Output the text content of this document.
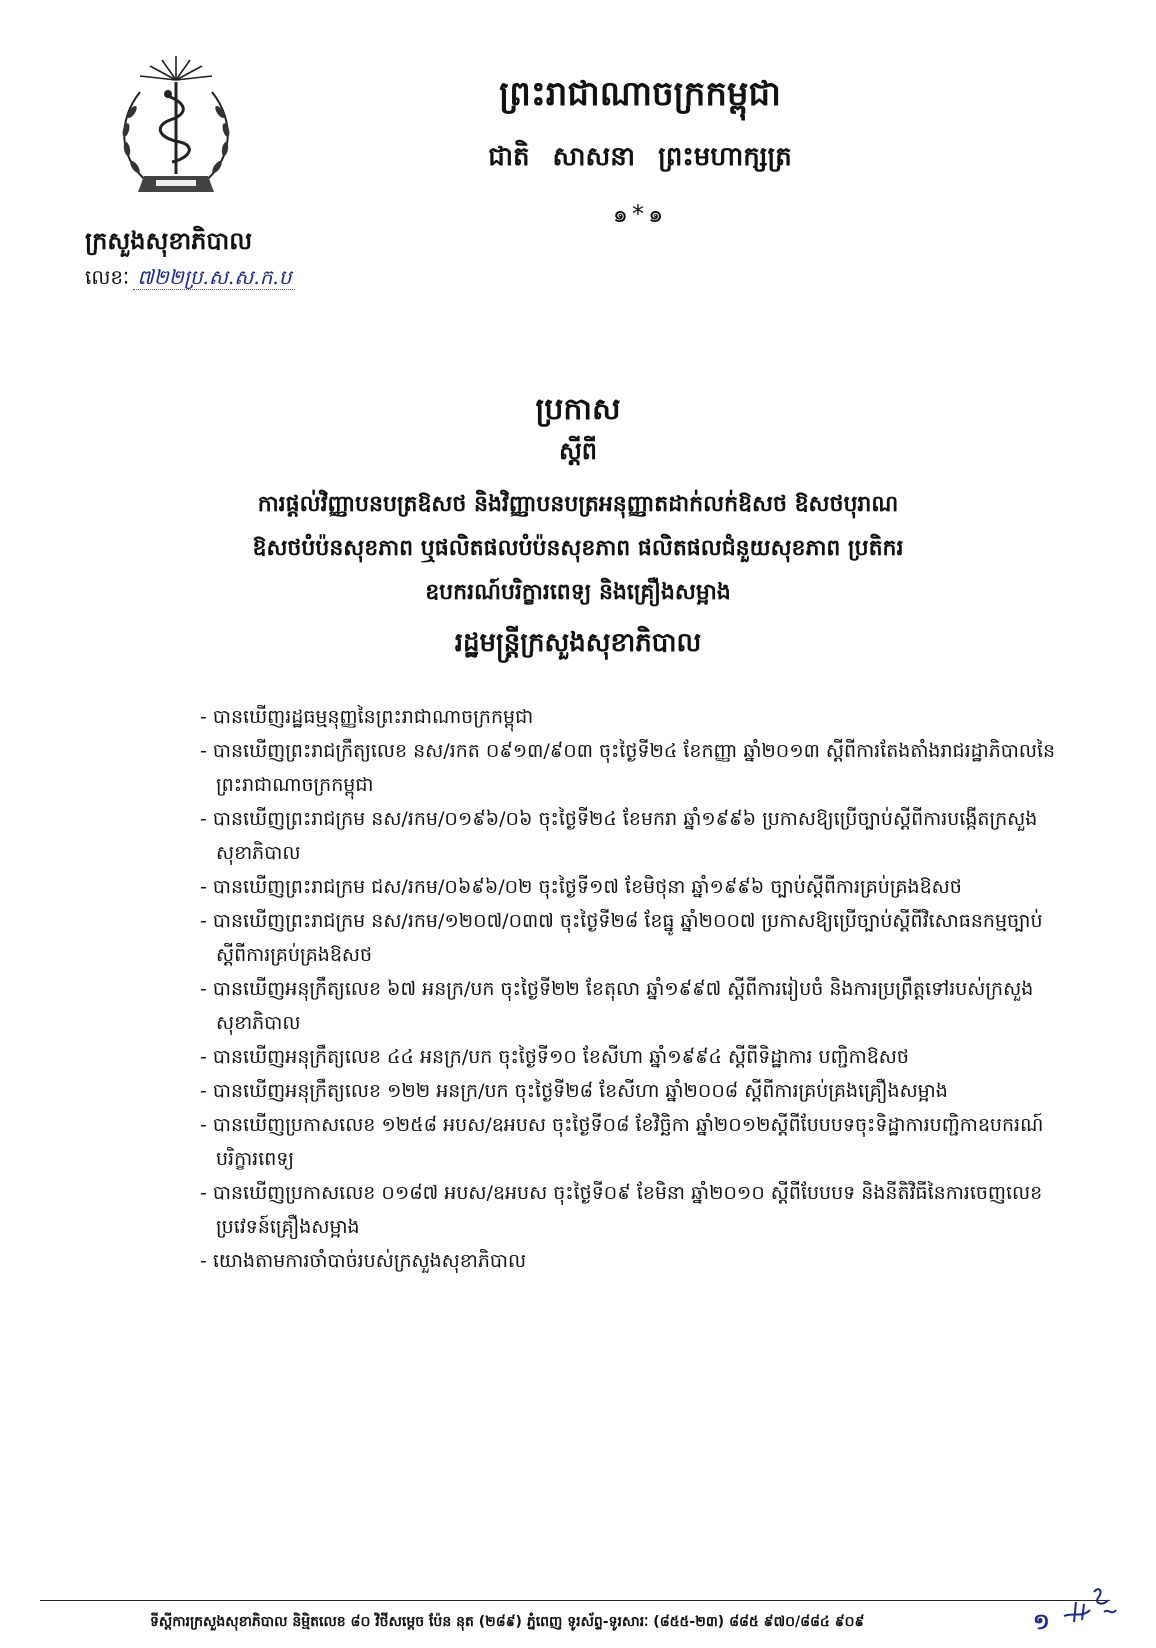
ក្រសួងសុខាភិបាល
លេខៈ ៧២២ប្រ.ស.ស.ក.ប
ព្រះរាជាណាចក្រកម្ពុជា
ជាតិ សាសនា ព្រះមហាក្សត្រ
๑*๑
ប្រកាស
ស្តីពី
ការផ្តល់វិញ្ញាបនបត្រឱសថ និងវិញ្ញាបនបត្រអនុញ្ញាតដាក់លក់ឱសថ ឱសថបុរាណ
ឱសថបំប៉នសុខភាព ឬផលិតផលបំប៉នសុខភាព ផលិតផលជំនួយសុខភាព ប្រតិករ
ឧបករណ៍បរិក្ខារពេទ្យ និងគ្រឿងសម្អាង
រដ្ឋមន្ត្រីក្រសួងសុខាភិបាល
- បានឃើញរដ្ឋធម្មនុញ្ញនៃព្រះរាជាណាចក្រកម្ពុជា
- បានឃើញព្រះរាជក្រឹត្យលេខ នស/រកត ០៩១៣/៩០៣ ចុះថ្ងៃទី២៤ ខែកញ្ញា ឆ្នាំ២០១៣ ស្តីពីការតែងតាំងរាជរដ្ឋាភិបាលនៃព្រះរាជាណាចក្រកម្ពុជា
- បានឃើញព្រះរាជក្រម នស/រកម/០១៩៦/០៦ ចុះថ្ងៃទី២៤ ខែមករា ឆ្នាំ១៩៩៦ ប្រកាសឱ្យប្រើច្បាប់ស្តីពីការបង្កើតក្រសួងសុខាភិបាល
- បានឃើញព្រះរាជក្រម ជស/រកម/០៦៩៦/០២ ចុះថ្ងៃទី១៧ ខែមិថុនា ឆ្នាំ១៩៩៦ ច្បាប់ស្តីពីការគ្រប់គ្រងឱសថ
- បានឃើញព្រះរាជក្រម នស/រកម/១២០៧/០៣៧ ចុះថ្ងៃទី២៨ ខែធ្នូ ឆ្នាំ២០០៧ ប្រកាសឱ្យប្រើច្បាប់ស្តីពីវិសោធនកម្មច្បាប់ស្តីពីការគ្រប់គ្រងឱសថ
- បានឃើញអនុក្រឹត្យលេខ ៦៧ អនក្រ/បក ចុះថ្ងៃទី២២ ខែតុលា ឆ្នាំ១៩៩៧ ស្តីពីការរៀបចំ និងការប្រព្រឹត្តទៅរបស់ក្រសួងសុខាភិបាល
- បានឃើញអនុក្រឹត្យលេខ ៤៤ អនក្រ/បក ចុះថ្ងៃទី១០ ខែសីហា ឆ្នាំ១៩៩៤ ស្តីពីទិដ្ឋាការ បញ្ជិកាឱសថ
- បានឃើញអនុក្រឹត្យលេខ ១២២ អនក្រ/បក ចុះថ្ងៃទី២៨ ខែសីហា ឆ្នាំ២០០៨ ស្តីពីការគ្រប់គ្រងគ្រឿងសម្អាង
- បានឃើញប្រកាសលេខ ១២៥៨ អបស/ឧអបស ចុះថ្ងៃទី០៨ ខែវិច្ឆិកា ឆ្នាំ២០១២ស្តីពីបែបបទចុះទិដ្ឋាការបញ្ជិកាឧបករណ៍បរិក្ខារពេទ្យ
- បានឃើញប្រកាសលេខ ០១៨៧ អបស/ឧអបស ចុះថ្ងៃទី០៩ ខែមិនា ឆ្នាំ២០១០ ស្តីពីបែបបទ និងនីតិវិធីនៃការចេញលេខប្រវេទន៍គ្រឿងសម្អាង
- យោងតាមការចាំបាច់របស់ក្រសួងសុខាភិបាល
ទីស្តីការក្រសួងសុខាភិបាល និម្មិតលេខ ៨០ វិថីសម្តេច ប៉ែន នុត (២៨៩) ភ្នំពេញ ទូរស័ព្ទ-ទូរសារៈ (៨៥៥-២៣) ៨៨៥ ៩៧០/៨៨៤ ៩០៩	១
